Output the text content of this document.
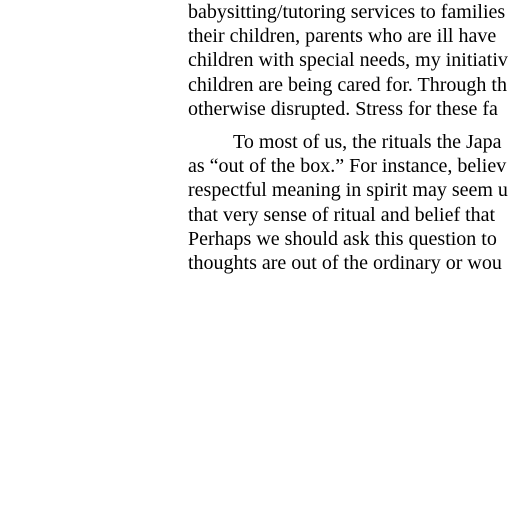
babysitting/tutoring services to families
their children, parents who are ill have
children with special needs, my initiativ
children are being cared for. Through th
otherwise disrupted. Stress for these fa
To most of us, the rituals the Japa
as “out of the box.” For instance, believ
respectful meaning in spirit may seem u
that very sense of ritual and belief that
Perhaps we should ask this question to
thoughts are out of the ordinary or wou
